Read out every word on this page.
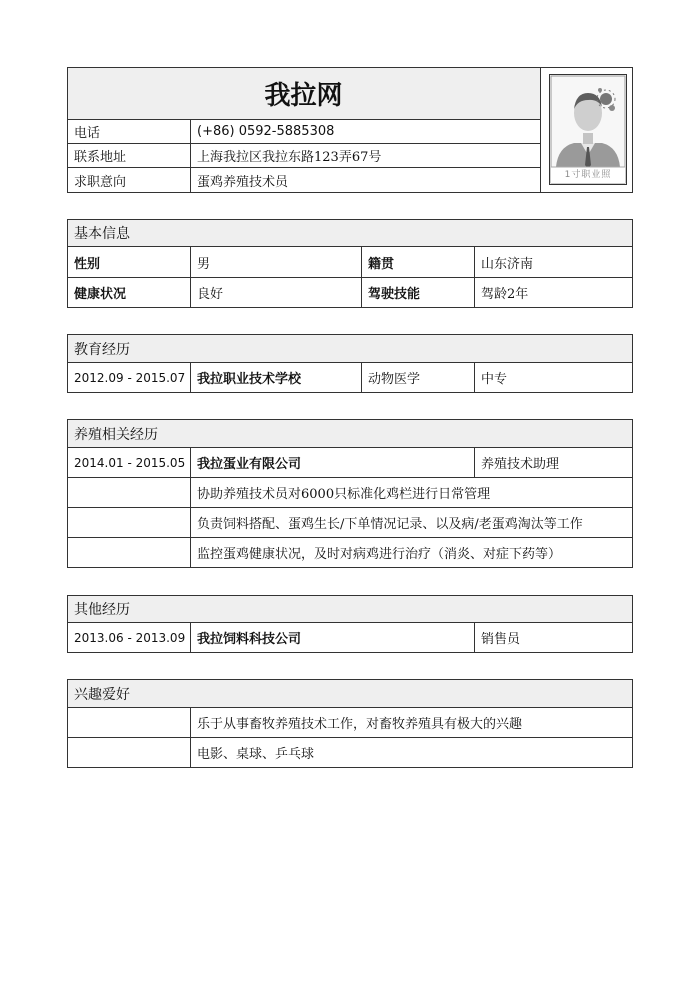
我拉网
电话	(+86) 0592-5885308
联系地址	上海我拉区我拉东路123弄67号
求职意向	蛋鸡养殖技术员	1寸职业照
基本信息
性别	男	籍贯	山东济南
健康状况	良好	驾驶技能	驾龄2年
教育经历
2012.09 - 2015.07 我拉职业技术学校	动物医学	中专
养殖相关经历
2014.01 - 2015.05 我拉蛋业有限公司	养殖技术助理
协助养殖技术员对6000只标准化鸡栏进行日常管理
负责饲料搭配、蛋鸡生长/下单情况记录、以及病/老蛋鸡淘汰等工作
监控蛋鸡健康状况，及时对病鸡进行治疗（消炎、对症下药等）
其他经历
2013.06 - 2013.09 我拉饲料科技公司	销售员
兴趣爱好
乐于从事畜牧养殖技术工作，对畜牧养殖具有极大的兴趣
电影、桌球、乒乓球
